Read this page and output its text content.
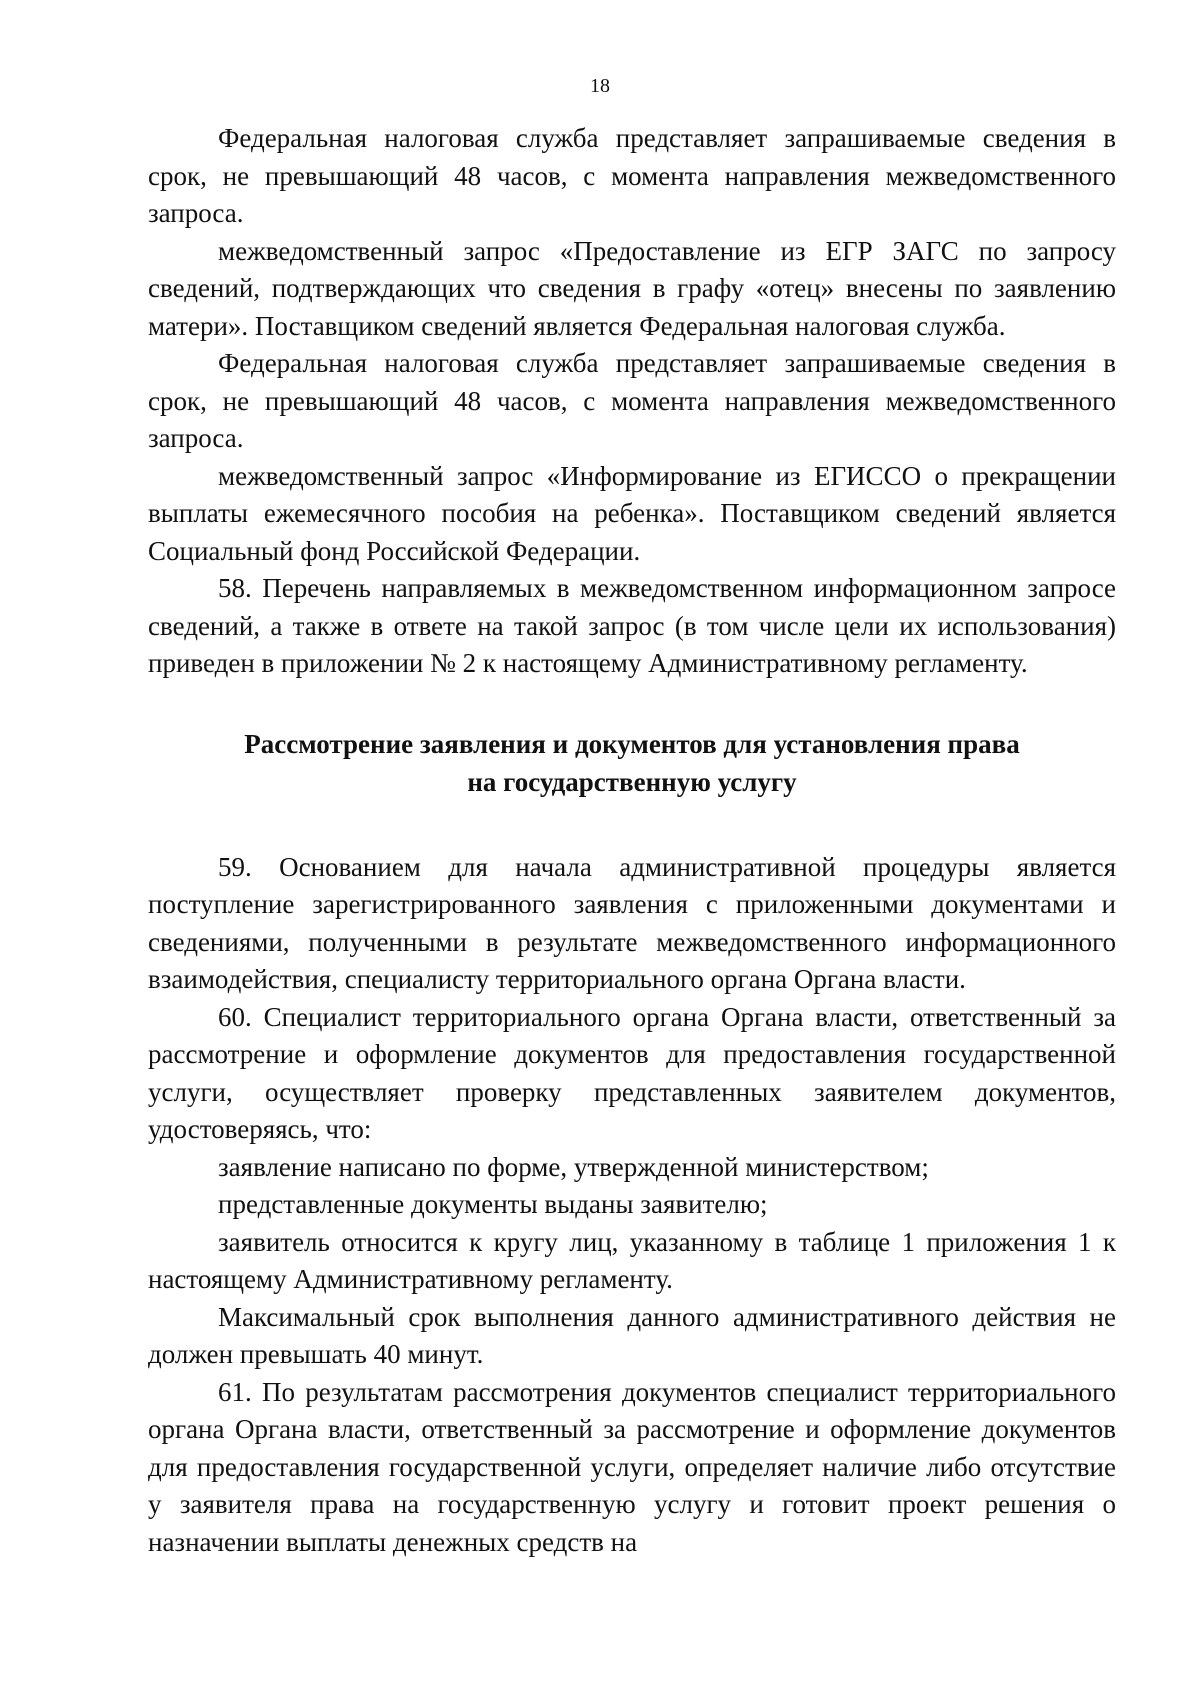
18

Федеральная налоговая служба представляет запрашиваемые сведения в срок, не превышающий 48 часов, с момента направления межведомственного запроса.

межведомственный запрос «Предоставление из ЕГР ЗАГС по запросу сведений, подтверждающих что сведения в графу «отец» внесены по заявлению матери». Поставщиком сведений является Федеральная налоговая служба.

Федеральная налоговая служба представляет запрашиваемые сведения в срок, не превышающий 48 часов, с момента направления межведомственного запроса.

межведомственный запрос «Информирование из ЕГИССО о прекращении выплаты ежемесячного пособия на ребенка». Поставщиком сведений является Социальный фонд Российской Федерации.

58. Перечень направляемых в межведомственном информационном запросе сведений, а также в ответе на такой запрос (в том числе цели их использования) приведен в приложении № 2 к настоящему Административному регламенту.

Рассмотрение заявления и документов для установления права
на государственную услугу

59. Основанием для начала административной процедуры является поступление зарегистрированного заявления с приложенными документами и сведениями, полученными в результате межведомственного информационного взаимодействия, специалисту территориального органа Органа власти.

60. Специалист территориального органа Органа власти, ответственный за рассмотрение и оформление документов для предоставления государственной услуги, осуществляет проверку представленных заявителем документов, удостоверяясь, что:

заявление написано по форме, утвержденной министерством;

представленные документы выданы заявителю;

заявитель относится к кругу лиц, указанному в таблице 1 приложения 1 к настоящему Административному регламенту.

Максимальный срок выполнения данного административного действия не должен превышать 40 минут.

61. По результатам рассмотрения документов специалист территориального органа Органа власти, ответственный за рассмотрение и оформление документов для предоставления государственной услуги, определяет наличие либо отсутствие у заявителя права на государственную услугу и готовит проект решения о назначении выплаты денежных средств на
